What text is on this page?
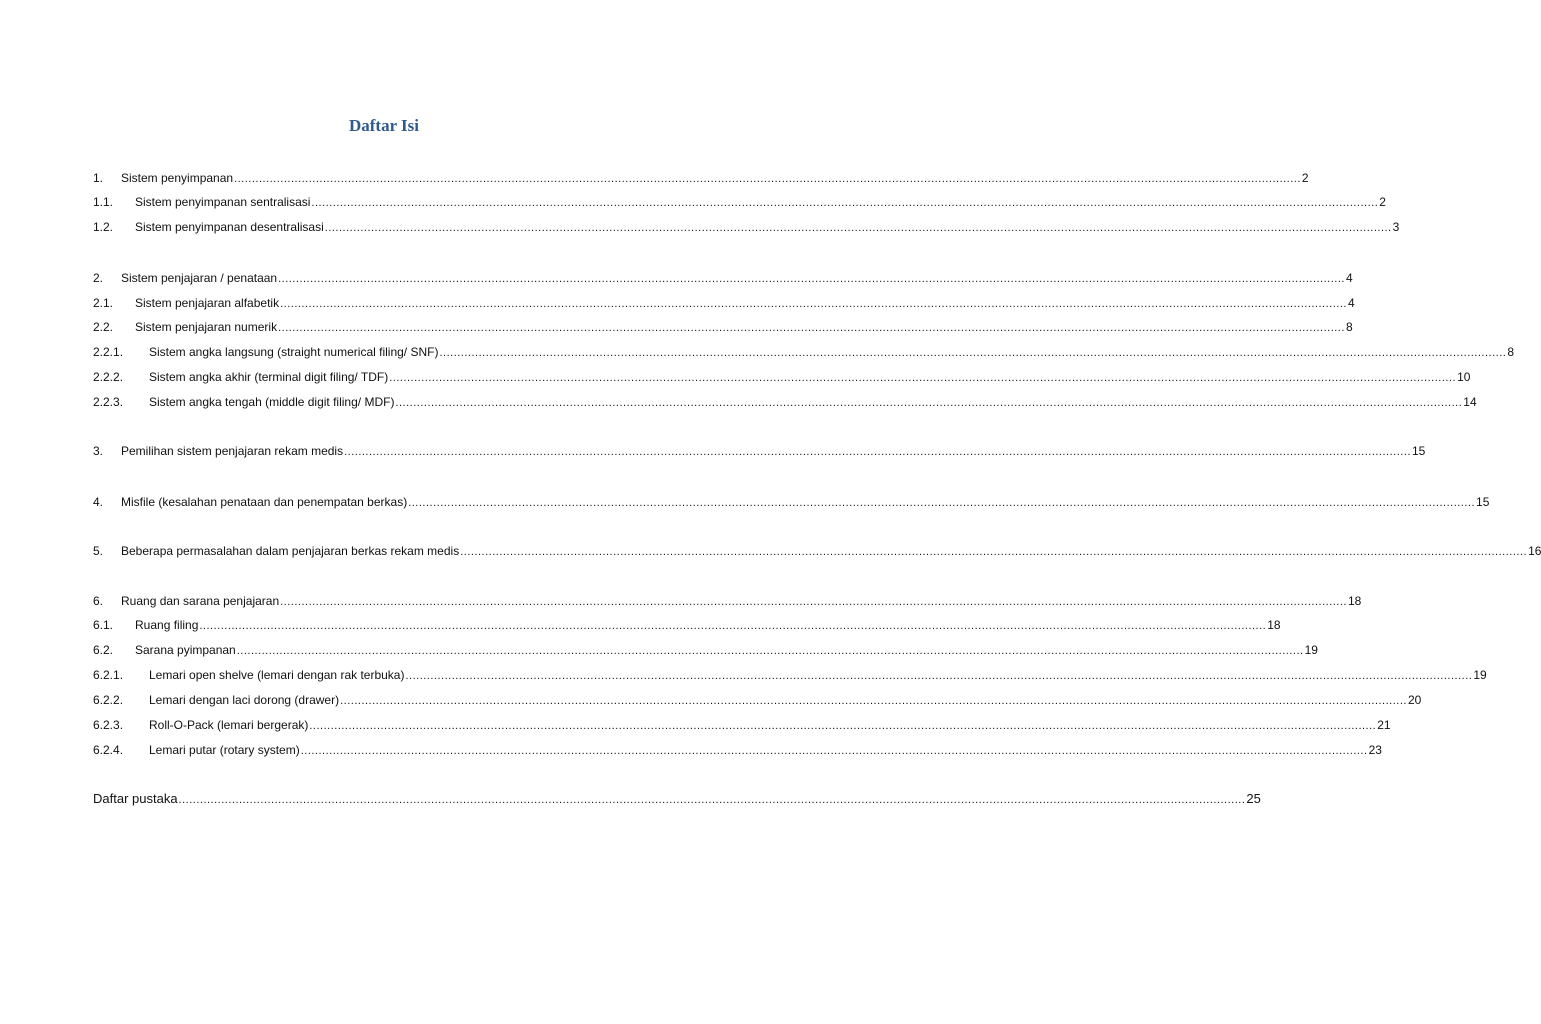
Daftar Isi
1.	Sistem penyimpanan ............................................................................................................................................................................................................................................................................................................ 2
1.1.	Sistem penyimpanan sentralisasi ............................................................................................................................................................................................................................................................................................................ 2
1.2.	Sistem penyimpanan desentralisasi ............................................................................................................................................................................................................................................................................................................ 3
2.	Sistem penjajaran / penataan ............................................................................................................................................................................................................................................................................................................ 4
2.1.	Sistem penjajaran alfabetik ............................................................................................................................................................................................................................................................................................................ 4
2.2.	Sistem penjajaran numerik ............................................................................................................................................................................................................................................................................................................ 8
2.2.1.	Sistem angka langsung (straight numerical filing/ SNF) ............................................................................................................................................................................................................................................................................................................ 8
2.2.2.	Sistem angka akhir (terminal digit filing/ TDF) ............................................................................................................................................................................................................................................................................................................ 10
2.2.3.	Sistem angka tengah (middle digit filing/ MDF) ............................................................................................................................................................................................................................................................................................................ 14
3.	Pemilihan sistem penjajaran rekam medis ............................................................................................................................................................................................................................................................................................................ 15
4.	Misfile (kesalahan penataan dan penempatan berkas) ............................................................................................................................................................................................................................................................................................................ 15
5.	Beberapa permasalahan dalam penjajaran berkas rekam medis ............................................................................................................................................................................................................................................................................................................ 16
6.	Ruang dan sarana penjajaran ............................................................................................................................................................................................................................................................................................................ 18
6.1.	Ruang filing ............................................................................................................................................................................................................................................................................................................ 18
6.2.	Sarana pyimpanan ............................................................................................................................................................................................................................................................................................................ 19
6.2.1.	Lemari open shelve (lemari dengan rak terbuka) ............................................................................................................................................................................................................................................................................................................ 19
6.2.2.	Lemari dengan laci dorong (drawer) ............................................................................................................................................................................................................................................................................................................ 20
6.2.3.	Roll-O-Pack (lemari bergerak) ............................................................................................................................................................................................................................................................................................................ 21
6.2.4.	Lemari putar (rotary system) ............................................................................................................................................................................................................................................................................................................ 23
Daftar pustaka ............................................................................................................................................................................................................................................................................................................ 25
